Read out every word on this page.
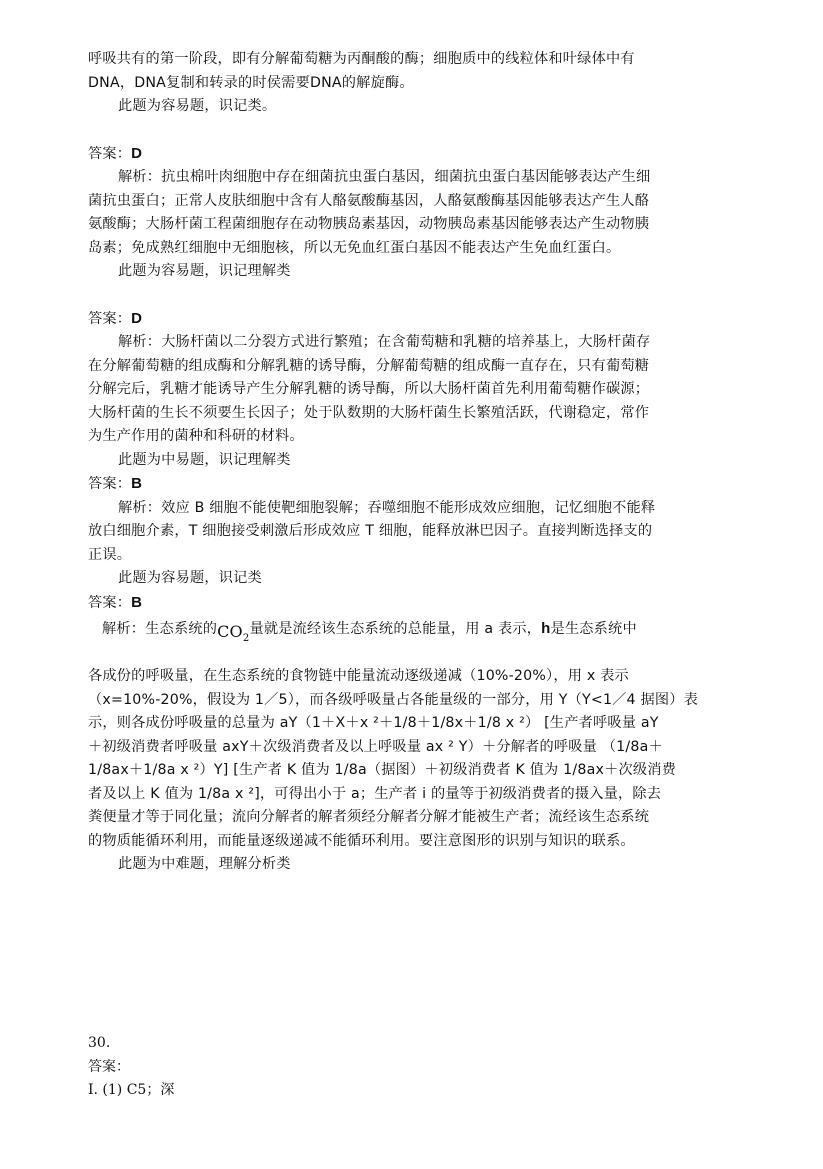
呼吸共有的第一阶段，即有分解葡萄糖为丙酮酸的酶；细胞质中的线粒体和叶绿体中有
DNA，DNA复制和转录的时侯需要DNA的解旋酶。
此题为容易题，识记类。
答案：D
解析：抗虫棉叶肉细胞中存在细菌抗虫蛋白基因，细菌抗虫蛋白基因能够表达产生细
菌抗虫蛋白；正常人皮肤细胞中含有人酪氨酸酶基因，人酪氨酸酶基因能够表达产生人酪
氨酸酶；大肠杆菌工程菌细胞存在动物胰岛素基因，动物胰岛素基因能够表达产生动物胰
岛素；免成熟红细胞中无细胞核，所以无免血红蛋白基因不能表达产生免血红蛋白。
此题为容易题，识记理解类
答案：D
解析：大肠杆菌以二分裂方式进行繁殖；在含葡萄糖和乳糖的培养基上，大肠杆菌存
在分解葡萄糖的组成酶和分解乳糖的诱导酶，分解葡萄糖的组成酶一直存在，只有葡萄糖
分解完后，乳糖才能诱导产生分解乳糖的诱导酶，所以大肠杆菌首先利用葡萄糖作碳源；
大肠杆菌的生长不须要生长因子；处于队数期的大肠杆菌生长繁殖活跃，代谢稳定，常作
为生产作用的菌种和科研的材料。
此题为中易题，识记理解类
答案：B
解析：效应 B 细胞不能使靶细胞裂解；吞噬细胞不能形成效应细胞，记忆细胞不能释
放白细胞介素，T 细胞接受刺激后形成效应 T 细胞，能释放淋巴因子。直接判断选择支的
正误。
此题为容易题，识记类
答案：B
解析：生态系统的$CO_2$量就是流经该生态系统的总能量，用 a 表示，h是生态系统中
各成份的呼吸量，在生态系统的食物链中能量流动逐级递减（10%-20%），用 x 表示
（x=10%-20%，假设为 1／5），而各级呼吸量占各能量级的一部分，用 Y（Y<1／4 据图）表
示，则各成份呼吸量的总量为 aY（1＋X＋x ²＋1/8＋1/8x＋1/8 x ²） [生产者呼吸量 aY
＋初级消费者呼吸量 axY＋次级消费者及以上呼吸量 ax ² Y）＋分解者的呼吸量 （1/8a＋
1/8ax＋1/8a x ²）Y] [生产者 K 值为 1/8a（据图）＋初级消费者 K 值为 1/8ax＋次级消费
者及以上 K 值为 1/8a x ²]，可得出小于 a；生产者 i 的量等于初级消费者的摄入量，除去
粪便量才等于同化量；流向分解者的解者须经分解者分解才能被生产者；流经该生态系统
的物质能循环利用，而能量逐级递减不能循环利用。要注意图形的识别与知识的联系。
此题为中难题，理解分析类
30.
答案：
I. (1) C5；深
